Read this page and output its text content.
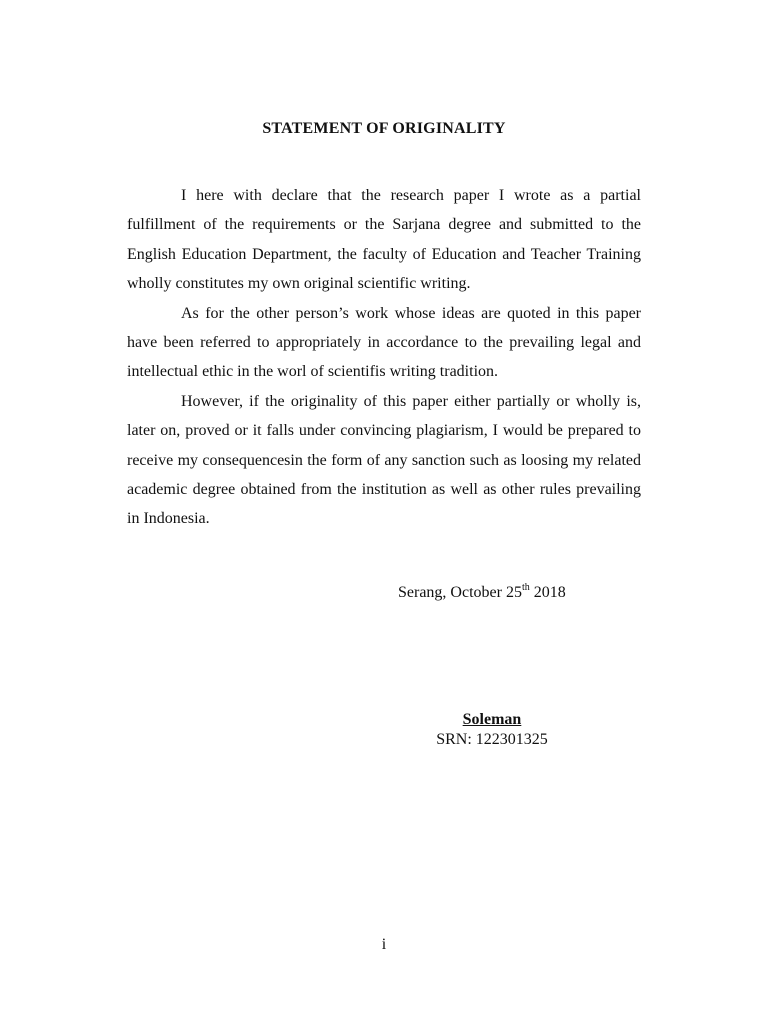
STATEMENT OF ORIGINALITY

I here with declare that the research paper I wrote as a partial fulfillment of the requirements or the Sarjana degree and submitted to the English Education Department, the faculty of Education and Teacher Training wholly constitutes my own original scientific writing.

As for the other person’s work whose ideas are quoted in this paper have been referred to appropriately in accordance to the prevailing legal and intellectual ethic in the worl of scientifis writing tradition.

However, if the originality of this paper either partially or wholly is, later on, proved or it falls under convincing plagiarism, I would be prepared to receive my consequencesin the form of any sanction such as loosing my related academic degree obtained from the institution as well as other rules prevailing in Indonesia.

Serang, October 25th 2018
Soleman
SRN: 122301325
i
